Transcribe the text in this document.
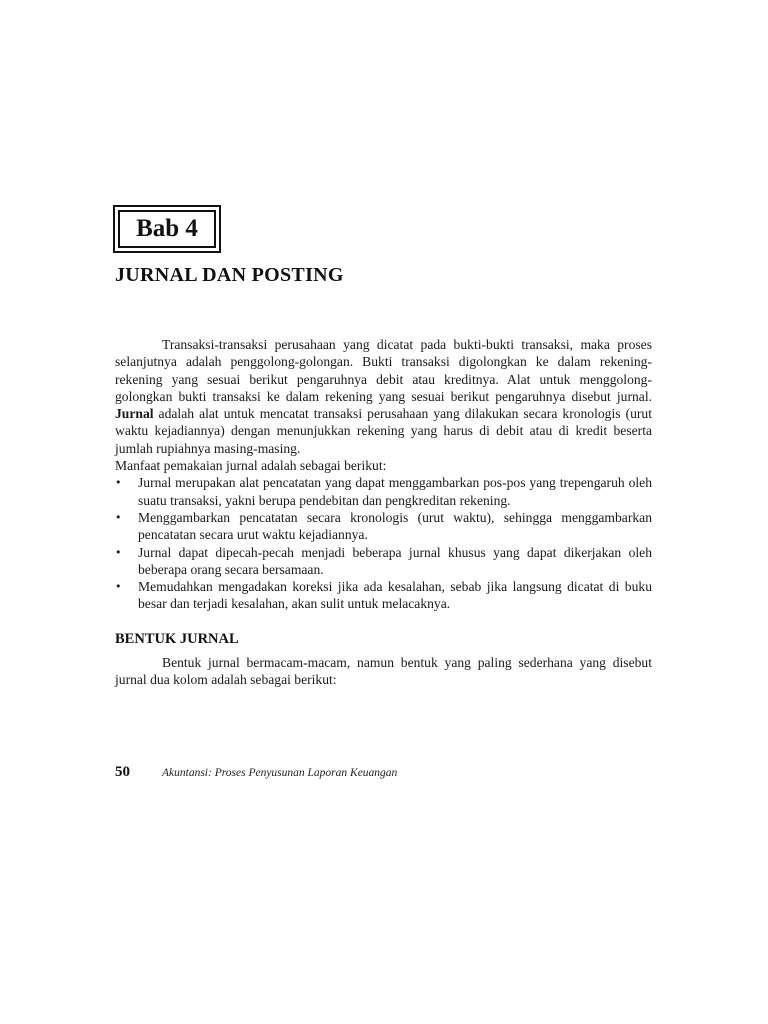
Bab 4
JURNAL DAN POSTING

Transaksi-transaksi perusahaan yang dicatat pada bukti-bukti transaksi, maka proses selanjutnya adalah penggolong-golongan. Bukti transaksi digolongkan ke dalam rekening-rekening yang sesuai berikut pengaruhnya debit atau kreditnya. Alat untuk menggolong-golongkan bukti transaksi ke dalam rekening yang sesuai berikut pengaruhnya disebut jurnal. Jurnal adalah alat untuk mencatat transaksi perusahaan yang dilakukan secara kronologis (urut waktu kejadiannya) dengan menunjukkan rekening yang harus di debit atau di kredit beserta jumlah rupiahnya masing-masing.

Manfaat pemakaian jurnal adalah sebagai berikut:

• Jurnal merupakan alat pencatatan yang dapat menggambarkan pos-pos yang trepengaruh oleh suatu transaksi, yakni berupa pendebitan dan pengkreditan rekening.
• Menggambarkan pencatatan secara kronologis (urut waktu), sehingga menggambarkan pencatatan secara urut waktu kejadiannya.
• Jurnal dapat dipecah-pecah menjadi beberapa jurnal khusus yang dapat dikerjakan oleh beberapa orang secara bersamaan.
• Memudahkan mengadakan koreksi jika ada kesalahan, sebab jika langsung dicatat di buku besar dan terjadi kesalahan, akan sulit untuk melacaknya.
BENTUK JURNAL

Bentuk jurnal bermacam-macam, namun bentuk yang paling sederhana yang disebut jurnal dua kolom adalah sebagai berikut:

50	Akuntansi: Proses Penyusunan Laporan Keuangan
